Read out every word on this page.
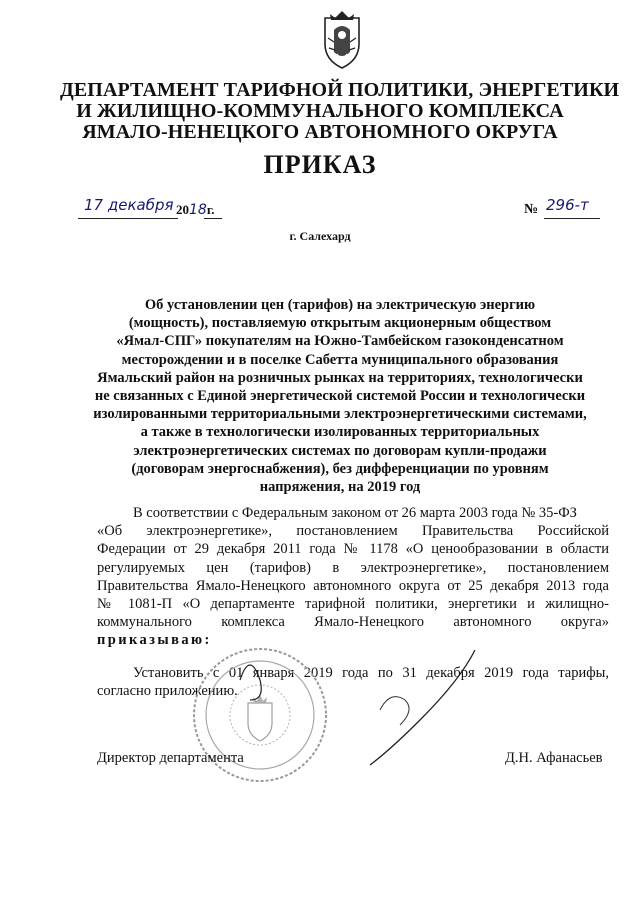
ДЕПАРТАМЕНТ ТАРИФНОЙ ПОЛИТИКИ, ЭНЕРГЕТИКИ
И ЖИЛИЩНО-КОММУНАЛЬНОГО КОМПЛЕКСА
ЯМАЛО-НЕНЕЦКОГО АВТОНОМНОГО ОКРУГА
ПРИКАЗ
17 декабря 2018г.	№ 296-т
г. Салехард
Об установлении цен (тарифов) на электрическую энергию
(мощность), поставляемую открытым акционерным обществом
«Ямал-СПГ» покупателям на Южно-Тамбейском газоконденсатном
месторождении и в поселке Сабетта муниципального образования
Ямальский район на розничных рынках на территориях, технологически
не связанных с Единой энергетической системой России и технологически
изолированными территориальными электроэнергетическими системами,
а также в технологически изолированных территориальных
электроэнергетических системах по договорам купли-продажи
(договорам энергоснабжения), без дифференциации по уровням
напряжения, на 2019 год
В соответствии с Федеральным законом от 26 марта 2003 года № 35-ФЗ
«Об электроэнергетике», постановлением Правительства Российской
Федерации от 29 декабря 2011 года № 1178 «О ценообразовании в области
регулируемых цен (тарифов) в электроэнергетике», постановлением
Правительства Ямало-Ненецкого автономного округа от 25 декабря 2013 года
№ 1081-П «О департаменте тарифной политики, энергетики и жилищно-
коммунального комплекса Ямало-Ненецкого автономного округа»
приказываю:
Установить с 01 января 2019 года по 31 декабря 2019 года тарифы,
согласно приложению.
Директор департамента	Д.Н. Афанасьев
